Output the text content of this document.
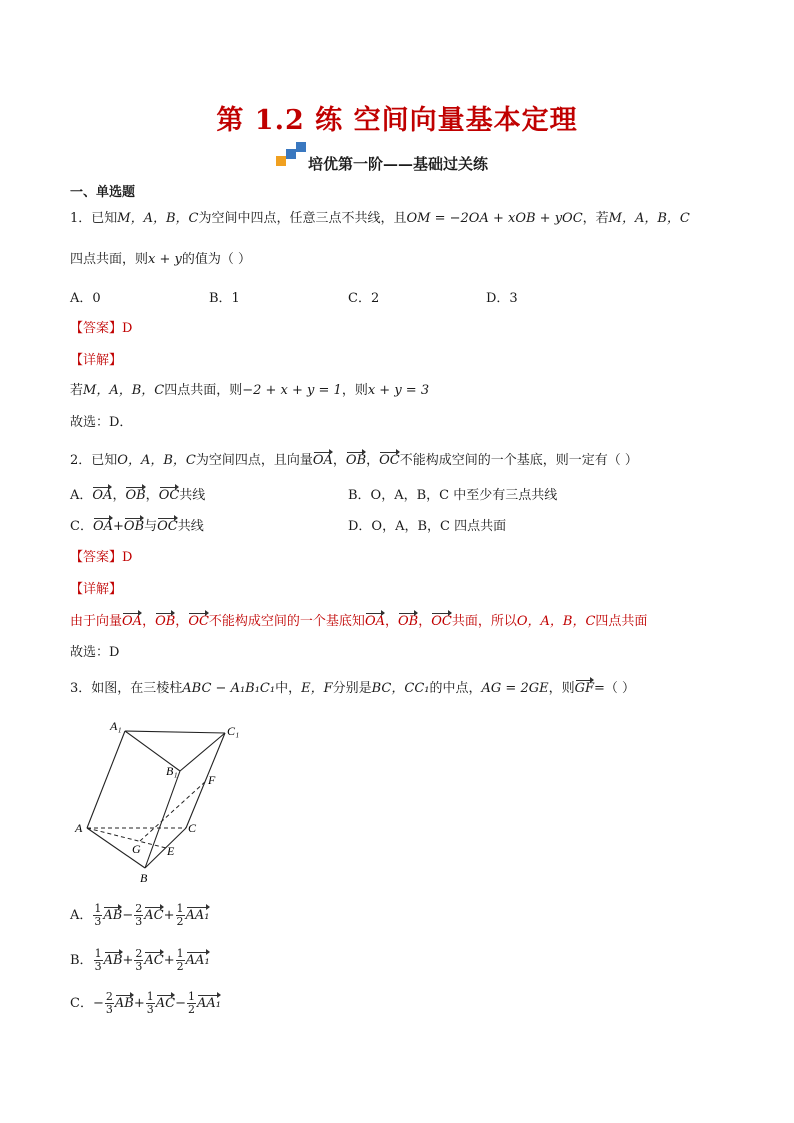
第 1.2 练 空间向量基本定理
培优第一阶——基础过关练
一、单选题
1．已知M，A，B，C为空间中四点，任意三点不共线，且OM = −2OA + xOB + yOC，若M，A，B，C
四点共面，则x + y的值为（ ）
A．0	B．1	C．2	D．3
【答案】D
【详解】
若M，A，B，C四点共面，则−2 + x + y = 1，则x + y = 3
故选：D．
2．已知O，A，B，C为空间四点，且向量OA，OB，OC不能构成空间的一个基底，则一定有（ ）
A．OA，OB，OC共线	B．O，A，B，C 中至少有三点共线
C．OA+OB与OC共线	D．O，A，B，C 四点共面
【答案】D
【详解】
由于向量OA，OB，OC不能构成空间的一个基底知OA，OB，OC共面，所以O，A，B，C四点共面
故选：D
3．如图，在三棱柱ABC − A₁B₁C₁中，E，F分别是BC，CC₁的中点，AG = 2GE，则GF=（ ）
A₁	C₁
B₁
F
A	C
G E
B
A． $\frac{1}{3} AB- \frac{2}{3} AC+ \frac{1}{2} AA_1$
B． $\frac{1}{3} AB+ \frac{2}{3} AC+ \frac{1}{2} AA_1$
C．− $\frac{2}{3} AB+ \frac{1}{3} AC- \frac{1}{2} AA_1$
